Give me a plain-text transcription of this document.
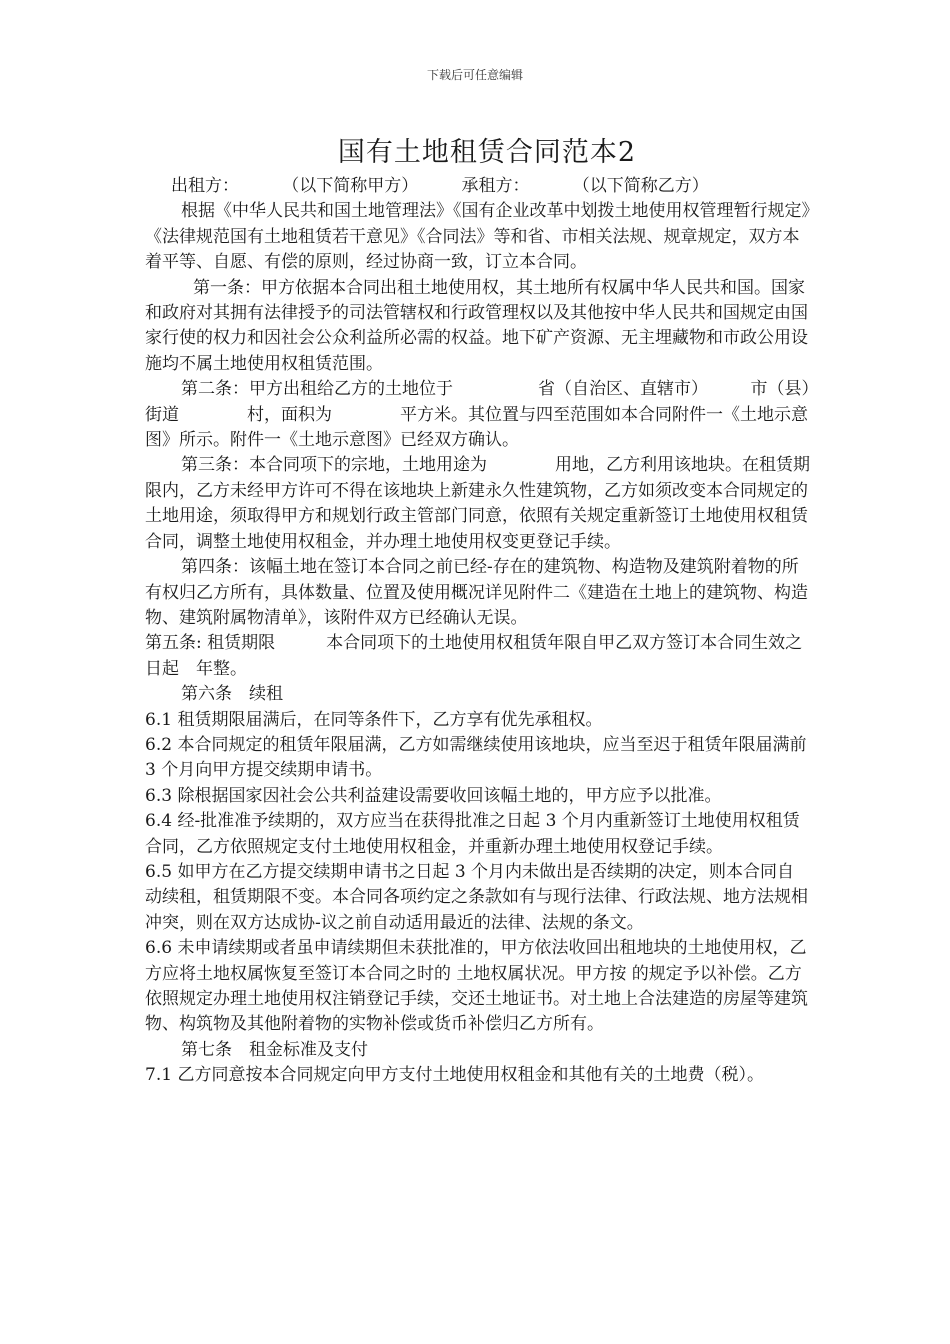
下载后可任意编辑
国有土地租赁合同范本2

出租方：        （以下简称甲方）        承租方：        （以下简称乙方）

根据《中华人民共和国土地管理法》《国有企业改革中划拨土地使用权管理暂行规定》《法律规范国有土地租赁若干意见》《合同法》等和省、市相关法规、规章规定，双方本着平等、自愿、有偿的原则，经过协商一致，订立本合同。

第一条：甲方依据本合同出租土地使用权，其土地所有权属中华人民共和国。国家和政府对其拥有法律授予的司法管辖权和行政管理权以及其他按中华人民共和国规定由国家行使的权力和因社会公众利益所必需的权益。地下矿产资源、无主埋藏物和市政公用设施均不属土地使用权租赁范围。

第二条：甲方出租给乙方的土地位于　　　　　省（自治区、直辖市）　　　市（县）　　　　街道　　　　村，面积为　　　　平方米。其位置与四至范围如本合同附件一《土地示意图》所示。附件一《土地示意图》已经双方确认。

第三条：本合同项下的宗地，土地用途为　　　　用地，乙方利用该地块。在租赁期限内，乙方未经甲方许可不得在该地块上新建永久性建筑物，乙方如须改变本合同规定的土地用途，须取得甲方和规划行政主管部门同意，依照有关规定重新签订土地使用权租赁合同，调整土地使用权租金，并办理土地使用权变更登记手续。

第四条：该幅土地在签订本合同之前已经-存在的建筑物、构造物及建筑附着物的所有权归乙方所有，具体数量、位置及使用概况详见附件二《建造在土地上的建筑物、构造物、建筑附属物清单》，该附件双方已经确认无误。

第五条: 租赁期限　　　本合同项下的土地使用权租赁年限自甲乙双方签订本合同生效之日起　年整。

第六条　续租

6.1 租赁期限届满后，在同等条件下，乙方享有优先承租权。

6.2 本合同规定的租赁年限届满，乙方如需继续使用该地块，应当至迟于租赁年限届满前 3 个月向甲方提交续期申请书。

6.3 除根据国家因社会公共利益建设需要收回该幅土地的，甲方应予以批准。

6.4 经-批准准予续期的，双方应当在获得批准之日起 3 个月内重新签订土地使用权租赁合同，乙方依照规定支付土地使用权租金，并重新办理土地使用权登记手续。

6.5 如甲方在乙方提交续期申请书之日起 3 个月内未做出是否续期的决定，则本合同自动续租，租赁期限不变。本合同各项约定之条款如有与现行法律、行政法规、地方法规相冲突，则在双方达成协-议之前自动适用最近的法律、法规的条文。

6.6 未申请续期或者虽申请续期但未获批准的，甲方依法收回出租地块的土地使用权，乙方应将土地权属恢复至签订本合同之时的 土地权属状况。甲方按 的规定予以补偿。乙方依照规定办理土地使用权注销登记手续，交还土地证书。对土地上合法建造的房屋等建筑物、构筑物及其他附着物的实物补偿或货币补偿归乙方所有。

第七条　租金标准及支付

7.1 乙方同意按本合同规定向甲方支付土地使用权租金和其他有关的土地费（税）。
